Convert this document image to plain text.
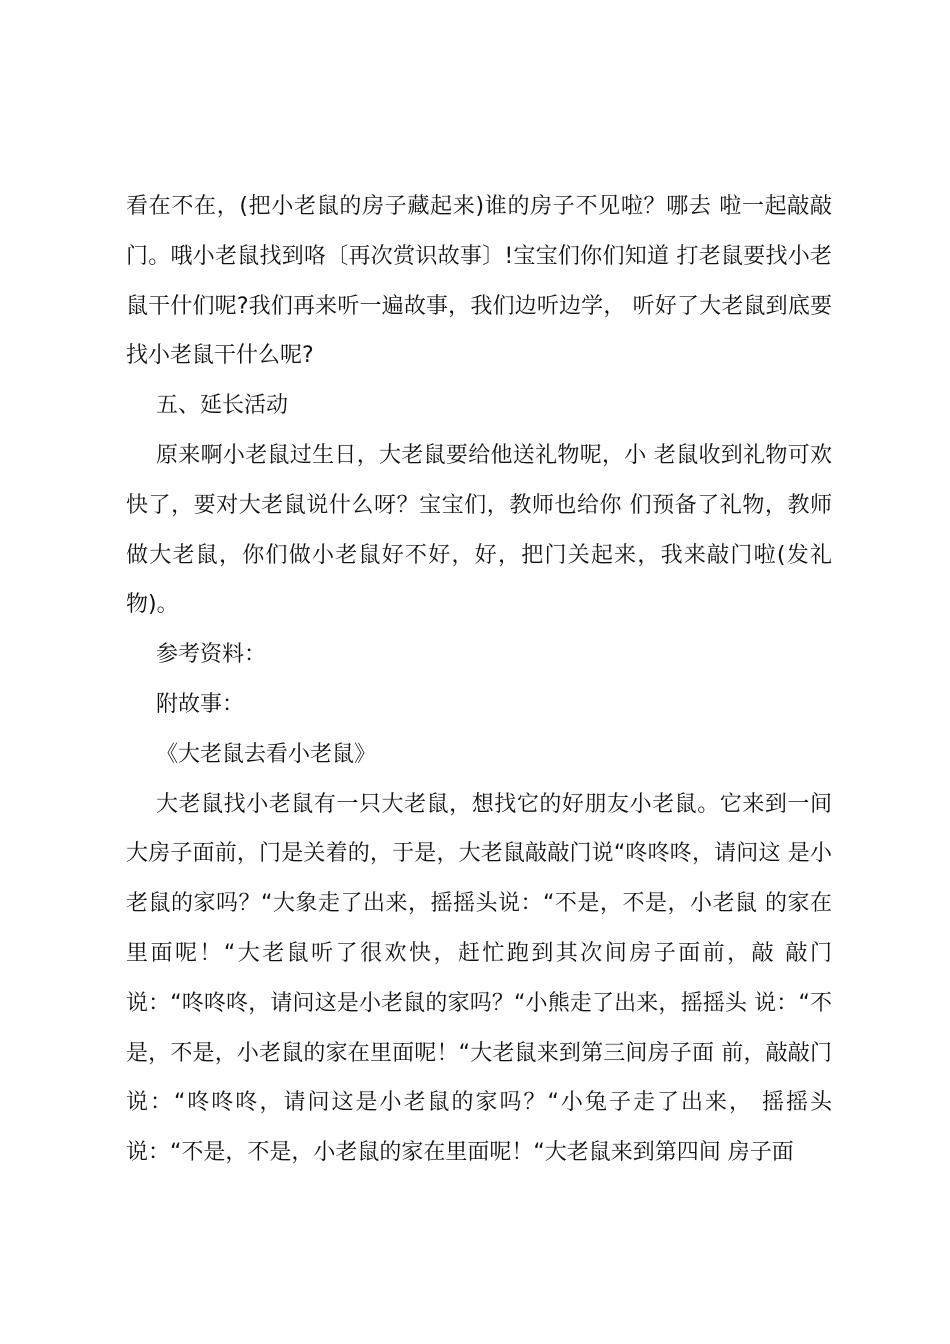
看在不在，(把小老鼠的房子藏起来)谁的房子不见啦？哪去 啦一起敲敲门。哦小老鼠找到咯〔再次赏识故事〕!宝宝们你们知道 打老鼠要找小老鼠干什们呢?我们再来听一遍故事，我们边听边学， 听好了大老鼠到底要找小老鼠干什么呢?

五、延长活动

原来啊小老鼠过生日，大老鼠要给他送礼物呢，小 老鼠收到礼物可欢快了，要对大老鼠说什么呀？宝宝们，教师也给你 们预备了礼物，教师做大老鼠，你们做小老鼠好不好，好，把门关起来，我来敲门啦(发礼物)。

参考资料：

附故事：

《大老鼠去看小老鼠》

大老鼠找小老鼠有一只大老鼠，想找它的好朋友小老鼠。它来到一间大房子面前，门是关着的，于是，大老鼠敲敲门说“咚咚咚，请问这 是小老鼠的家吗？“大象走了出来，摇摇头说：“不是，不是，小老鼠 的家在里面呢！“大老鼠听了很欢快，赶忙跑到其次间房子面前，敲 敲门说：“咚咚咚，请问这是小老鼠的家吗？“小熊走了出来，摇摇头 说：“不是，不是，小老鼠的家在里面呢！“大老鼠来到第三间房子面 前，敲敲门说：“咚咚咚，请问这是小老鼠的家吗？“小兔子走了出来， 摇摇头说：“不是，不是，小老鼠的家在里面呢！“大老鼠来到第四间 房子面
